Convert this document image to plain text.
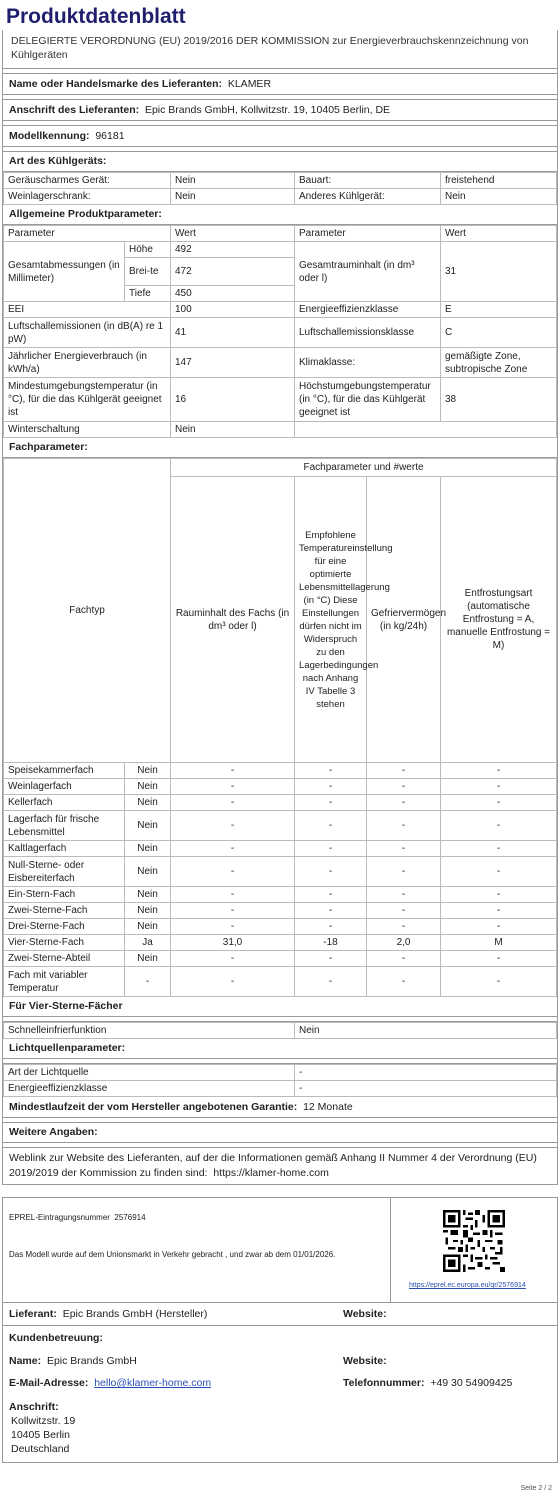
Produktdatenblatt
DELEGIERTE VERORDNUNG (EU) 2019/2016 DER KOMMISSION zur Energieverbrauchskennzeichnung von Kühlgeräten
Name oder Handelsmarke des Lieferanten: KLAMER
Anschrift des Lieferanten: Epic Brands GmbH, Kollwitzstr. 19, 10405 Berlin, DE
Modellkennung: 96181
Art des Kühlgeräts:
Geräuscharmes Gerät:	Nein	Bauart:	freistehend
Weinlagerschrank:	Nein	Anderes Kühlgerät:	Nein
Allgemeine Produktparameter:
Parameter		Wert	Parameter	Wert
Gesamtabmessungen (in Millimeter)	Höhe	492	Gesamtrauminhalt (in dm³ oder l)	31
	Brei-te	472		
	Tiefe	450		
EEI		100	Energieeffizienzklasse	E
Luftschallemissionen (in dB(A) re 1 pW)		41	Luftschallemissionsklasse	C
Jährlicher Energieverbrauch (in kWh/a)		147	Klimaklasse:	gemäßigte Zone, subtropische Zone
Mindestumgebungstemperatur (in °C), für die das Kühlgerät geeignet ist		16	Höchstumgebungstemperatur (in °C), für die das Kühlgerät geeignet ist	38
Winterschaltung		Nein		
Fachparameter:
Fachtyp		Fachparameter und #werte			
		Rauminhalt des Fachs (in dm³ oder l)	Empfohlene Temperatureinstellung für eine optimierte Lebensmittellagerung (in °C) Diese Einstellungen dürfen nicht im Widerspruch zu den Lagerbedingungen nach Anhang IV Tabelle 3 stehen	Gefriervermögen (in kg/24h)	Entfrostungsart (automatische Entfrostung = A, manuelle Entfrostung = M)
Speisekammerfach	Nein	-	-	-	-
Weinlagerfach	Nein	-	-	-	-
Kellerfach	Nein	-	-	-	-
Lagerfach für frische Lebensmittel	Nein	-	-	-	-
Kaltlagerfach	Nein	-	-	-	-
Null-Sterne- oder Eisbereiterfach	Nein	-	-	-	-
Ein-Stern-Fach	Nein	-	-	-	-
Zwei-Sterne-Fach	Nein	-	-	-	-
Drei-Sterne-Fach	Nein	-	-	-	-
Vier-Sterne-Fach	Ja	31,0	-18	2,0	M
Zwei-Sterne-Abteil	Nein	-	-	-	-
Fach mit variabler Temperatur	-	-	-	-	-
Für Vier-Sterne-Fächer
Schnelleinfrierfunktion	Nein
Lichtquellenparameter:
Art der Lichtquelle	-
Energieeffizienzklasse	-
Mindestlaufzeit der vom Hersteller angebotenen Garantie: 12 Monate
Weitere Angaben:
Weblink zur Website des Lieferanten, auf der die Informationen gemäß Anhang II Nummer 4 der Verordnung (EU) 2019/2019 der Kommission zu finden sind: https://klamer-home.com
EPREL-Eintragungsnummer 2576914
Das Modell wurde auf dem Unionsmarkt in Verkehr gebracht , und zwar ab dem 01/01/2026.
https://eprel.ec.europa.eu/qr/2576914
Lieferant: Epic Brands GmbH (Hersteller)	Website:
Kundenbetreuung:
Name: Epic Brands GmbH	Website:
E-Mail-Adresse: hello@klamer-home.com	Telefonnummer: +49 30 54909425
Anschrift:
Kollwitzstr. 19
10405 Berlin
Deutschland
Seite 2 / 2
